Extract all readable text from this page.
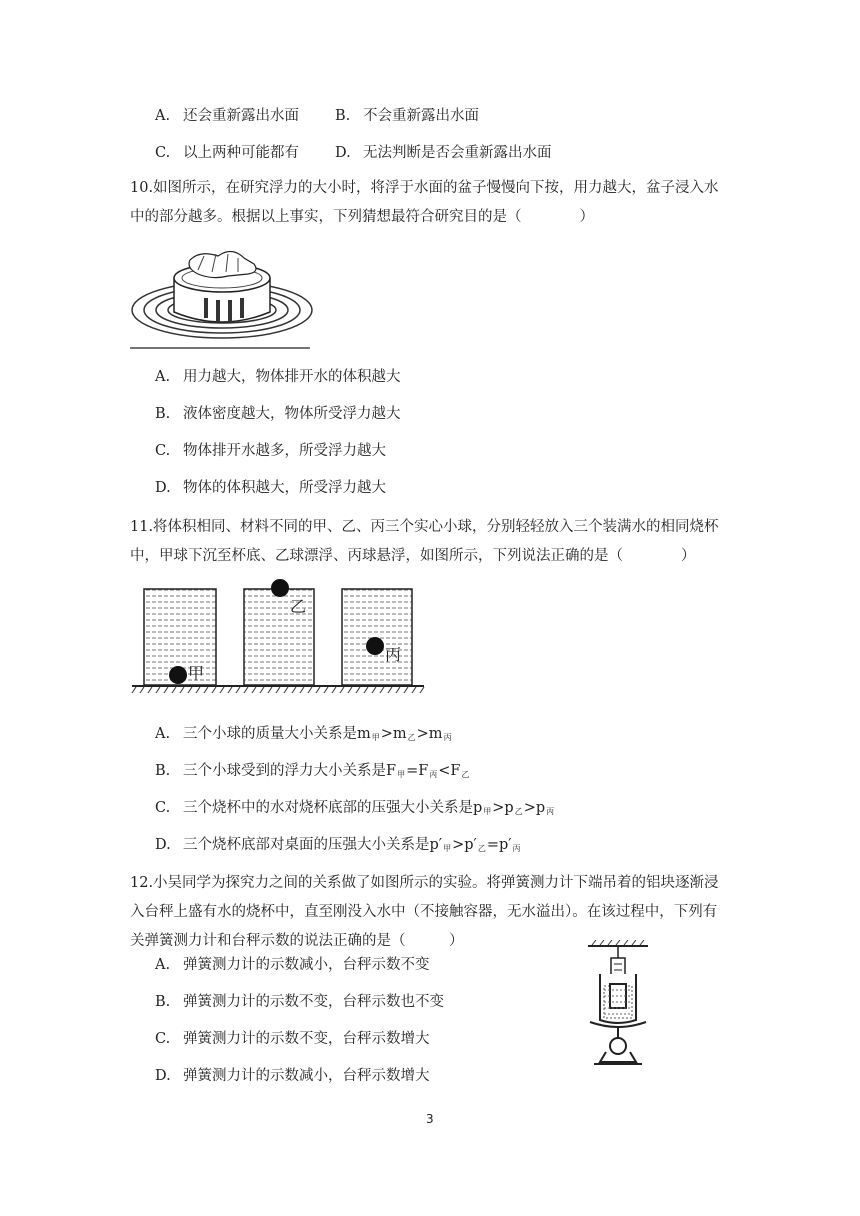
A. 还会重新露出水面 B. 不会重新露出水面
C. 以上两种可能都有 D. 无法判断是否会重新露出水面
10.如图所示，在研究浮力的大小时，将浮于水面的盆子慢慢向下按，用力越大，盆子浸入水中的部分越多。根据以上事实，下列猜想最符合研究目的是（　　　　）
A. 用力越大，物体排开水的体积越大
B. 液体密度越大，物体所受浮力越大
C. 物体排开水越多，所受浮力越大
D. 物体的体积越大，所受浮力越大
11.将体积相同、材料不同的甲、乙、丙三个实心小球，分别轻轻放入三个装满水的相同烧杯中，甲球下沉至杯底、乙球漂浮、丙球悬浮，如图所示，下列说法正确的是（　　　　）
甲
乙
丙
A. 三个小球的质量大小关系是$m_甲>m_乙>m_丙$
B. 三个小球受到的浮力大小关系是$F_甲=F_丙<F_乙$
C. 三个烧杯中的水对烧杯底部的压强大小关系是$p_甲>p_乙>p_丙$
D. 三个烧杯底部对桌面的压强大小关系是$p'_甲>p'_乙=p'_丙$
12.小吴同学为探究力之间的关系做了如图所示的实验。将弹簧测力计下端吊着的铝块逐渐浸入台秤上盛有水的烧杯中，直至刚没入水中（不接触容器，无水溢出）。在该过程中，下列有关弹簧测力计和台秤示数的说法正确的是（　　　）
A. 弹簧测力计的示数减小，台秤示数不变
B. 弹簧测力计的示数不变，台秤示数也不变
C. 弹簧测力计的示数不变，台秤示数增大
D. 弹簧测力计的示数减小，台秤示数增大
3
